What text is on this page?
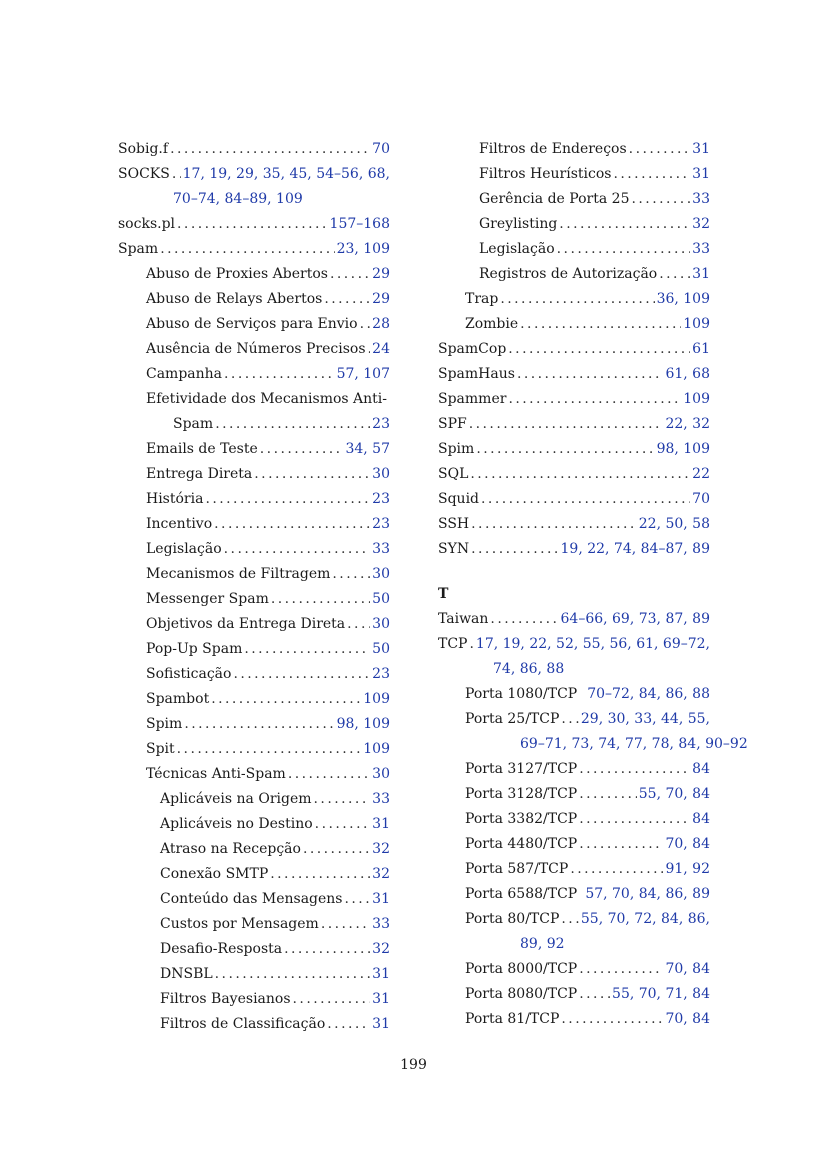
Sobig.f . . .	70
SOCKS . . . 17, 19, 29, 35, 45, 54–56, 68,
70–74, 84–89, 109
socks.pl . . .	157–168
Spam . . .	23, 109
Abuso de Proxies Abertos . . .	29
Abuso de Relays Abertos . . .	29
Abuso de Serviços para Envio . . . 28
Ausência de Números Precisos . . . 24
Campanha . . .	57, 107
Efetividade dos Mecanismos Anti-
Spam . . .	23
Emails de Teste . . .	34, 57
Entrega Direta . . .	30
História . . .	23
Incentivo . . .	23
Legislação . . .	33
Mecanismos de Filtragem . . .	30
Messenger Spam . . .	50
Objetivos da Entrega Direta . . . 30
Pop-Up Spam . . .	50
Sofisticação . . .	23
Spambot . . .	109
Spim . . .	98, 109
Spit . . .	109
Técnicas Anti-Spam . . .	30
Aplicáveis na Origem . . .	33
Aplicáveis no Destino . . .	31
Atraso na Recepção . . .	32
Conexão SMTP . . .	32
Conteúdo das Mensagens . . . 31
Custos por Mensagem . . .	33
Desafio-Resposta . . .	32
DNSBL . . .	31
Filtros Bayesianos . . .	31
Filtros de Classificação . . .	31
Filtros de Endereços . . .	31
Filtros Heurísticos . . .	31
Gerência de Porta 25 . . .	33
Greylisting . . .	32
Legislação . . .	33
Registros de Autorização . . . 31
Trap . . .	36, 109
Zombie . . .	109
SpamCop . . .	61
SpamHaus . . .	61, 68
Spammer . . .	109
SPF . . .	22, 32
Spim . . .	98, 109
SQL . . .	22
Squid . . .	70
SSH . . .	22, 50, 58
SYN . . .	19, 22, 74, 84–87, 89
T
Taiwan . . .	64–66, 69, 73, 87, 89
TCP . . . 17, 19, 22, 52, 55, 56, 61, 69–72,
74, 86, 88
Porta 1080/TCP 70–72, 84, 86, 88
Porta 25/TCP . . . 29, 30, 33, 44, 55,
69–71, 73, 74, 77, 78, 84, 90–92
Porta 3127/TCP . . .	84
Porta 3128/TCP . . .	55, 70, 84
Porta 3382/TCP . . .	84
Porta 4480/TCP . . .	70, 84
Porta 587/TCP . . .	91, 92
Porta 6588/TCP 57, 70, 84, 86, 89
Porta 80/TCP . . . 55, 70, 72, 84, 86,
89, 92
Porta 8000/TCP . . .	70, 84
Porta 8080/TCP . . . 55, 70, 71, 84
Porta 81/TCP . . .	70, 84
199
